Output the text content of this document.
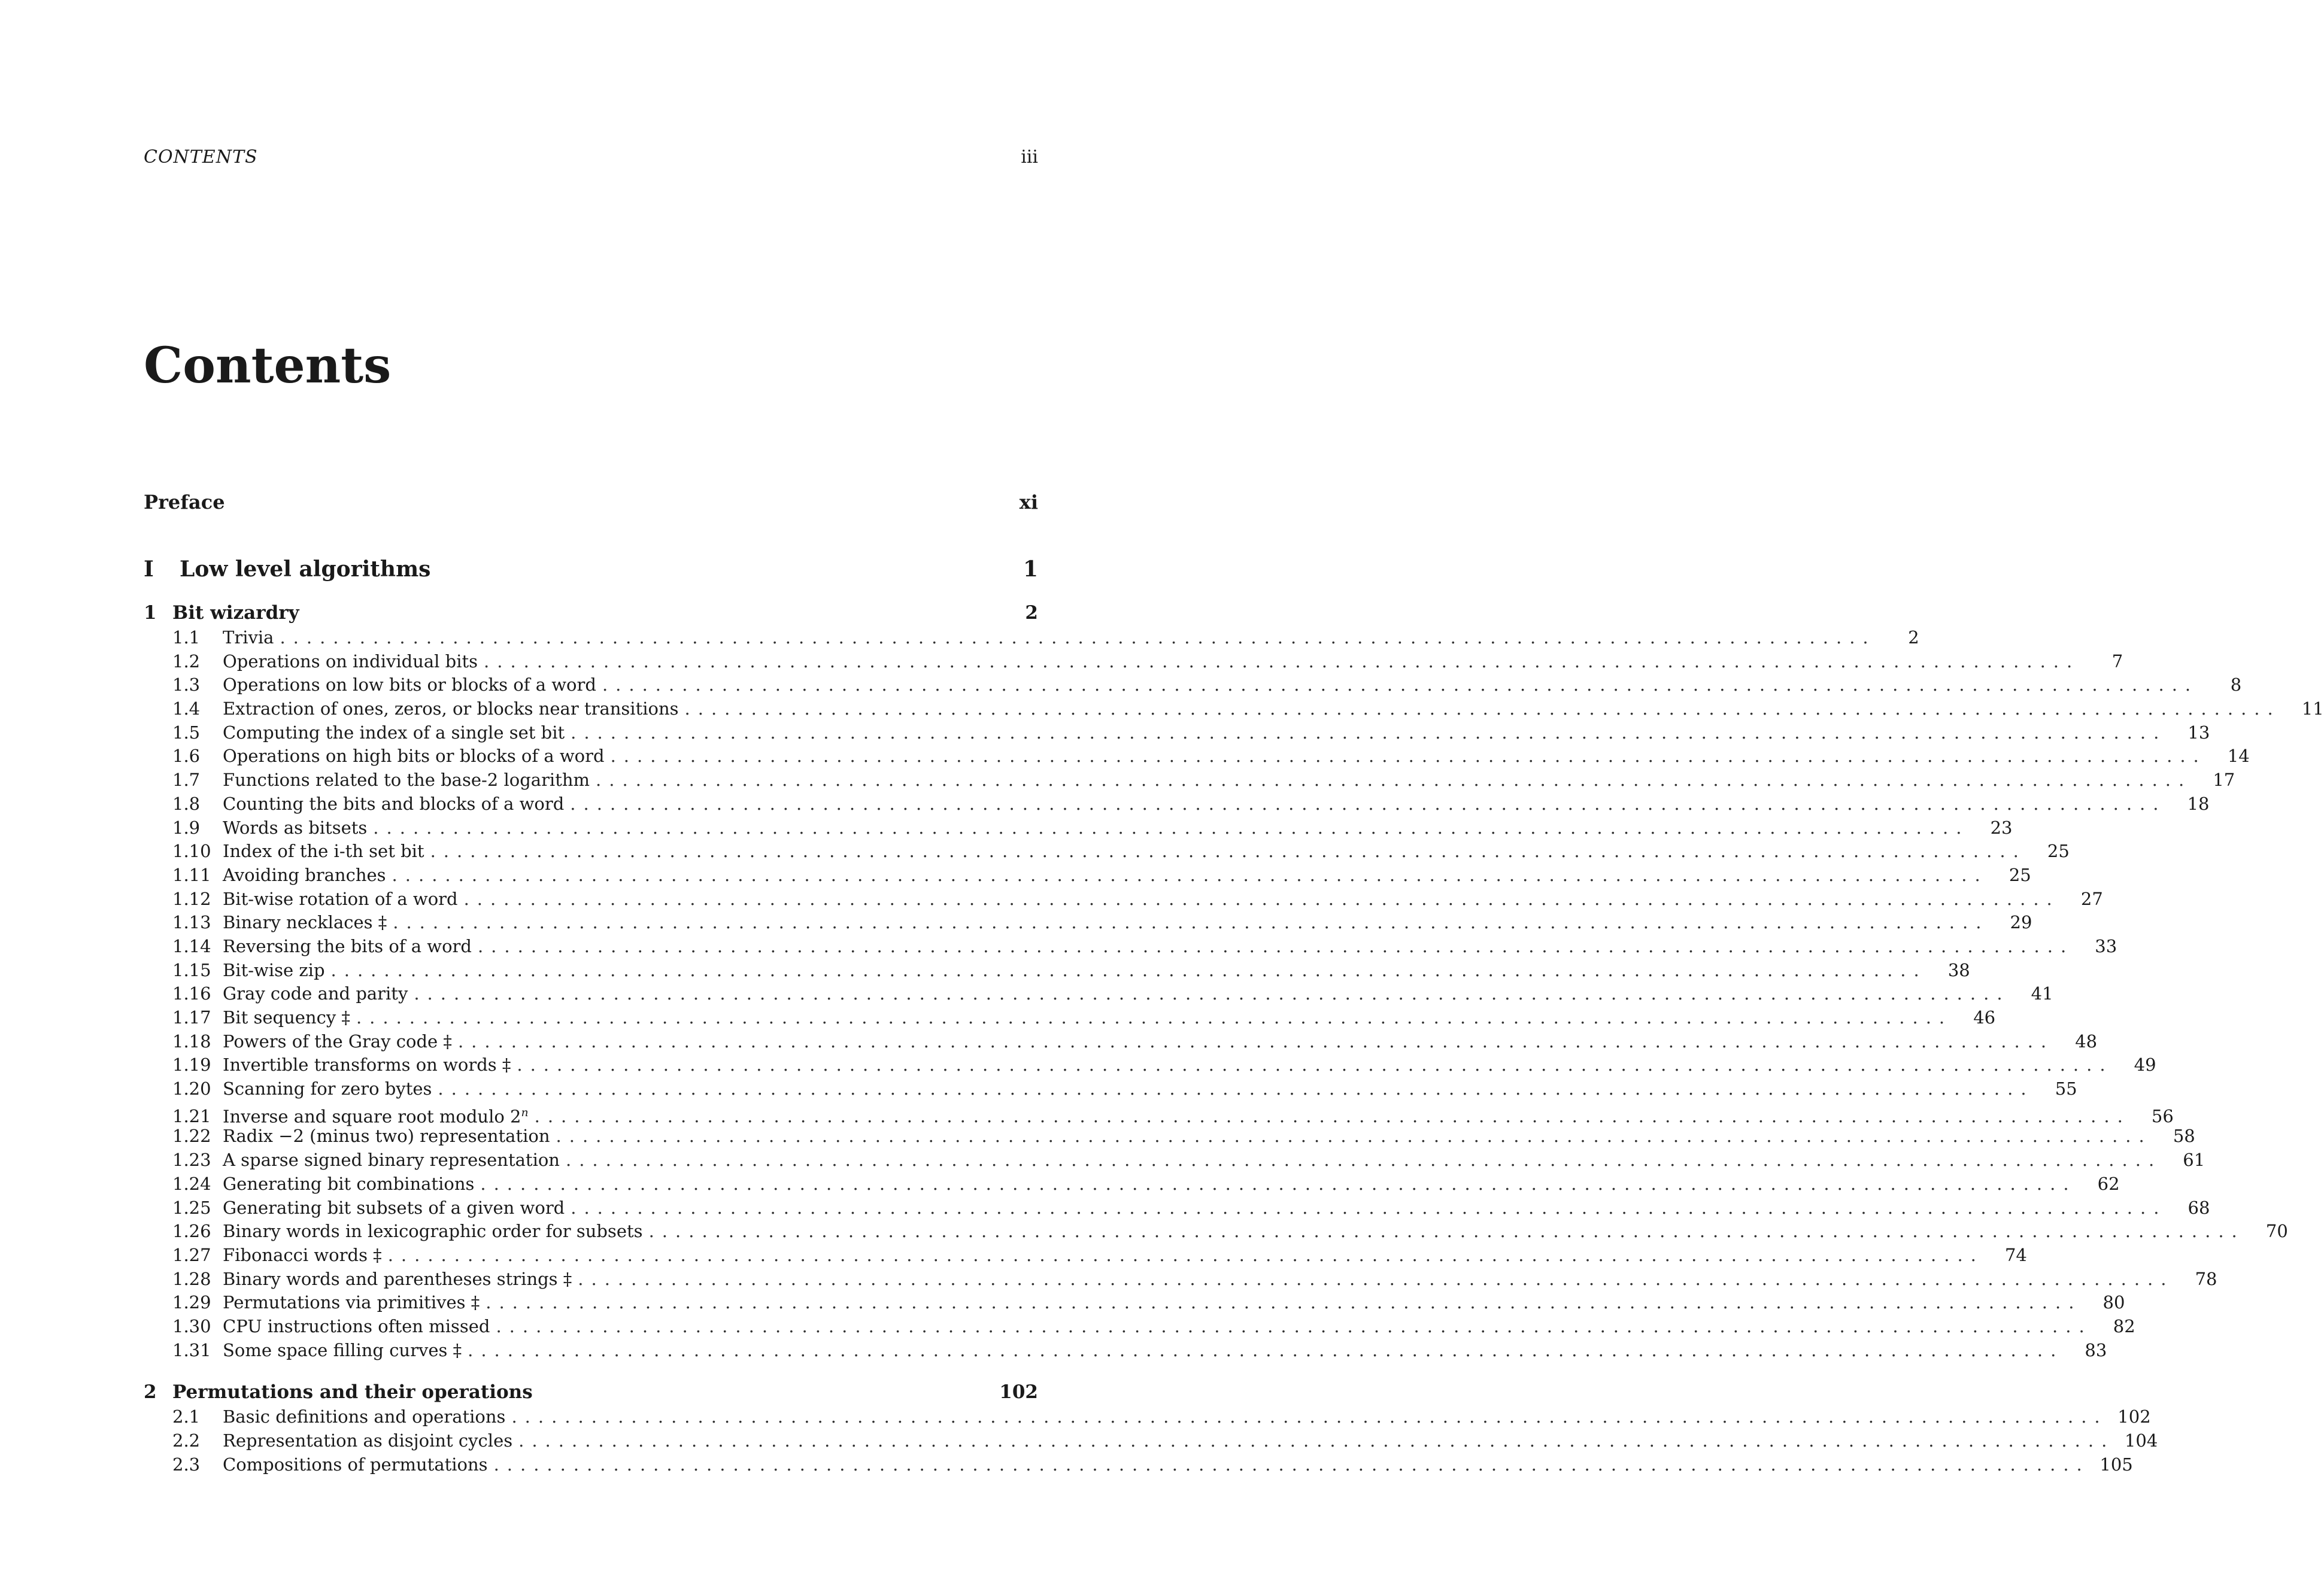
CONTENTS	iii
Contents
Preface	xi
I	Low level algorithms	1
1 Bit wizardry	2
1.1	Trivia ........................................................................................................................	2
1.2	Operations on individual bits ........................................................................................................................	7
1.3	Operations on low bits or blocks of a word ........................................................................................................................	8
1.4	Extraction of ones, zeros, or blocks near transitions ........................................................................................................................	11
1.5	Computing the index of a single set bit ........................................................................................................................	13
1.6	Operations on high bits or blocks of a word ........................................................................................................................	14
1.7	Functions related to the base-2 logarithm ........................................................................................................................	17
1.8	Counting the bits and blocks of a word ........................................................................................................................	18
1.9	Words as bitsets ........................................................................................................................	23
1.10 Index of the i-th set bit ........................................................................................................................	25
1.11 Avoiding branches ........................................................................................................................	25
1.12 Bit-wise rotation of a word ........................................................................................................................	27
1.13 Binary necklaces ‡ ........................................................................................................................	29
1.14 Reversing the bits of a word ........................................................................................................................	33
1.15 Bit-wise zip ........................................................................................................................	38
1.16 Gray code and parity ........................................................................................................................	41
1.17 Bit sequency ‡ ........................................................................................................................	46
1.18 Powers of the Gray code ‡ ........................................................................................................................	48
1.19 Invertible transforms on words ‡ ........................................................................................................................	49
1.20 Scanning for zero bytes ........................................................................................................................	55
1.21 Inverse and square root modulo 2$^n$ ........................................................................................................................	56
1.22 Radix −2 (minus two) representation ........................................................................................................................	58
1.23 A sparse signed binary representation ........................................................................................................................	61
1.24 Generating bit combinations ........................................................................................................................	62
1.25 Generating bit subsets of a given word ........................................................................................................................	68
1.26 Binary words in lexicographic order for subsets ........................................................................................................................	70
1.27 Fibonacci words ‡ ........................................................................................................................	74
1.28 Binary words and parentheses strings ‡ ........................................................................................................................	78
1.29 Permutations via primitives ‡ ........................................................................................................................	80
1.30 CPU instructions often missed ........................................................................................................................	82
1.31 Some space filling curves ‡ ........................................................................................................................	83
2 Permutations and their operations	102
2.1	Basic definitions and operations ........................................................................................................................ 102
2.2	Representation as disjoint cycles ........................................................................................................................ 104
2.3	Compositions of permutations ........................................................................................................................ 105
